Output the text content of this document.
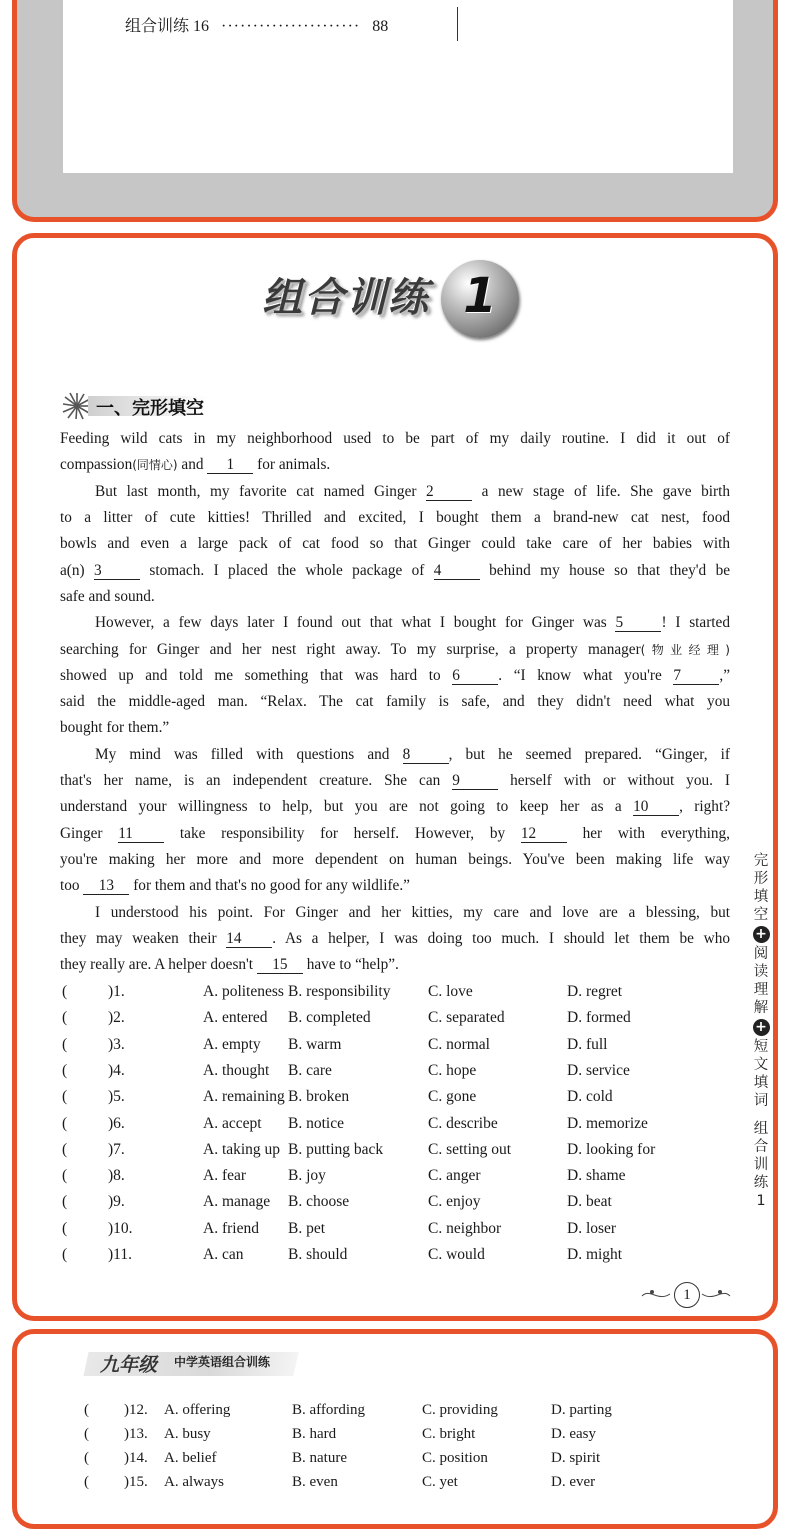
组合训练 16 ······················ 88
组合训练 1
一、完形填空
Feeding wild cats in my neighborhood used to be part of my daily routine. I did it out of
compassion(同情心) and 1 for animals.
But last month, my favorite cat named Ginger 2	a new stage of life. She gave birth
to a litter of cute kitties! Thrilled and excited, I bought them a brand-new cat nest, food
bowls and even a large pack of cat food so that Ginger could take care of her babies with
a(n) 3	stomach. I placed the whole package of 4	behind my house so that they'd be
safe and sound.
However, a few days later I found out that what I bought for Ginger was 5	! I started
searching for Ginger and her nest right away. To my surprise, a property manager(物业经理)
showed up and told me something that was hard to 6	. “I know what you're 7	,”
said the middle-aged man. “Relax. The cat family is safe, and they didn't need what you
bought for them.”
My mind was filled with questions and 8	, but he seemed prepared. “Ginger, if
that's her name, is an independent creature. She can 9	herself with or without you. I
understand your willingness to help, but you are not going to keep her as a 10 , right?
Ginger 11 take responsibility for herself. However, by 12 her with everything,
you're making her more and more dependent on human beings. You've been making life way
too 13 for them and that's no good for any wildlife.”
I understood his point. For Ginger and her kitties, my care and love are a blessing, but
they may weaken their 14 . As a helper, I was doing too much. I should let them be who
they really are. A helper doesn't 15 have to “help”.
(	)1.	A. politeness B. responsibility C. love	D. regret
(	)2.	A. entered B. completed	C. separated	D. formed
(	)3.	A. empty B. warm	C. normal	D. full
(	)4.	A. thought B. care	C. hope	D. service
(	)5.	A. remaining B. broken	C. gone	D. cold
(	)6.	A. accept B. notice	C. describe	D. memorize
(	)7.	A. taking up B. putting back	C. setting out	D. looking for
(	)8.	A. fear	B. joy	C. anger	D. shame
(	)9.	A. manage B. choose	C. enjoy	D. beat
(	)10.	A. friend B. pet	C. neighbor	D. loser
(	)11.	A. can	B. should	C. would	D. might
完
形
填
空
+
阅
读
理
解
+
短
文
填
词
组
合
训
练
1
1
九年级 中学英语组合训练
( )12. A. offering	B. affording	C. providing	D. parting
( )13. A. busy	B. hard	C. bright	D. easy
( )14. A. belief	B. nature	C. position	D. spirit
( )15. A. always	B. even	C. yet	D. ever
